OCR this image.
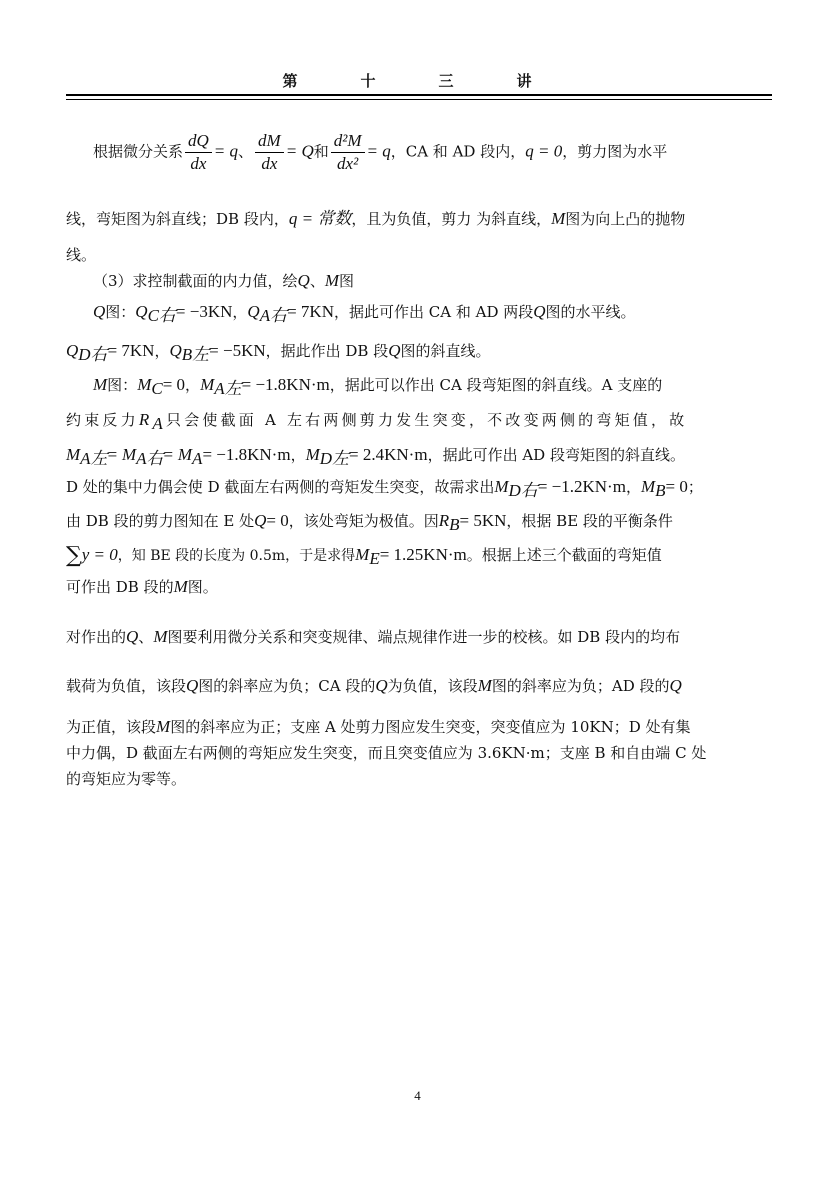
第　十　三　讲
根据微分关系 $\frac{dQ}{dx} = q$、 $\frac{dM}{dx} = Q$和 $\frac{\text{d²M}}{\text{dx²}} = q$，CA 和 AD 段内，q = 0，剪力图为水平
线，弯矩图为斜直线；DB 段内，q = 常数，且为负值，剪力 为斜直线，M图为向上凸的抛物
线。
（3）求控制截面的内力值，绘Q、M图
Q图：$Q_{C右}= -3KN$，$Q_{A右}= 7KN$，据此可作出 CA 和 AD 两段Q图的水平线。
$Q_{D右}= 7KN$，$Q_{B左}= -5KN$，据此作出 DB 段Q图的斜直线。
M图：$M_C= 0$，$M_{A左}= -1.8KN\cdot m$，据此可以作出 CA 段弯矩图的斜直线。A 支座的
约束反力$R_A$只会使截面 A 左右两侧剪力发生突变，不改变两侧的弯矩值，故
$M_{A左}= M_{A右}= M_A= -1.8KN\cdot m$，$M_{D左}= 2.4KN\cdot m$，据此可作出 AD 段弯矩图的斜直线。
D 处的集中力偶会使 D 截面左右两侧的弯矩发生突变，故需求出$M_{D右}= -1.2KN\cdot m$，$M_B= 0$；
由 DB 段的剪力图知在 E 处Q= 0，该处弯矩为极值。因$R_B= 5KN$，根据 BE 段的平衡条件
∑y = 0，知 BE 段的长度为 0.5m，于是求得$M_E= 1.25KN\cdot m$。根据上述三个截面的弯矩值
可作出 DB 段的M图。
对作出的Q、M图要利用微分关系和突变规律、端点规律作进一步的校核。如 DB 段内的均布
载荷为负值，该段Q图的斜率应为负；CA 段的Q为负值，该段M图的斜率应为负；AD 段的Q
为正值，该段M图的斜率应为正；支座 A 处剪力图应发生突变，突变值应为 10KN；D 处有集
中力偶，D 截面左右两侧的弯矩应发生突变，而且突变值应为 3.6KN·m；支座 B 和自由端 C 处
的弯矩应为零等。
4
